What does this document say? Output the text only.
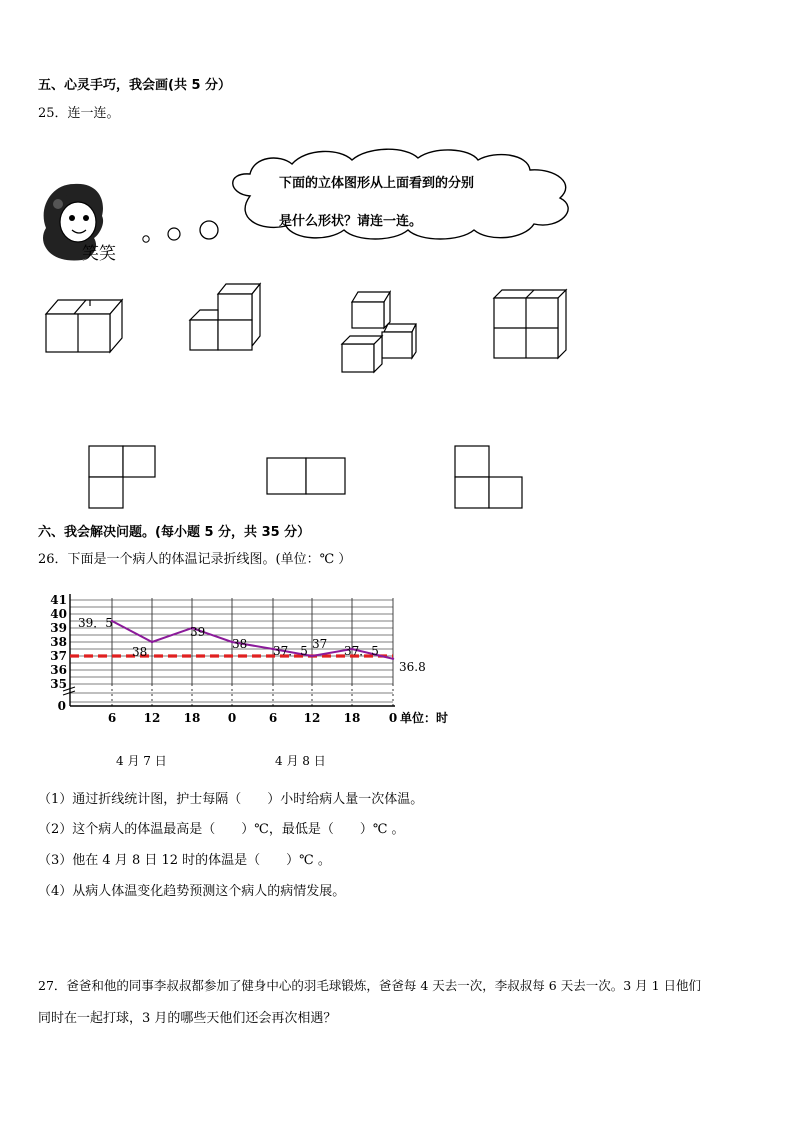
五、心灵手巧，我会画(共 5 分）
25．连一连。
笑笑
下面的立体图形从上面看到的分别
是什么形状？请连一连。
六、我会解决问题。(每小题 5 分，共 35 分）
26．下面是一个病人的体温记录折线图。(单位：℃ ）
41
40
39
38
37
36
35
0
6 12 18 0	6 12 18 0 单位：时
39．5
38
39
38 37．5 37 37．5
36.8
4 月 7 日	4 月 8 日
（1）通过折线统计图，护士每隔（　　）小时给病人量一次体温。
（2）这个病人的体温最高是（　　）℃，最低是（　　）℃ 。
（3）他在 4 月 8 日 12 时的体温是（　　）℃ 。
（4）从病人体温变化趋势预测这个病人的病情发展。
27．爸爸和他的同事李叔叔都参加了健身中心的羽毛球锻炼，爸爸每 4 天去一次，李叔叔每 6 天去一次。3 月 1 日他们
同时在一起打球，3 月的哪些天他们还会再次相遇？
